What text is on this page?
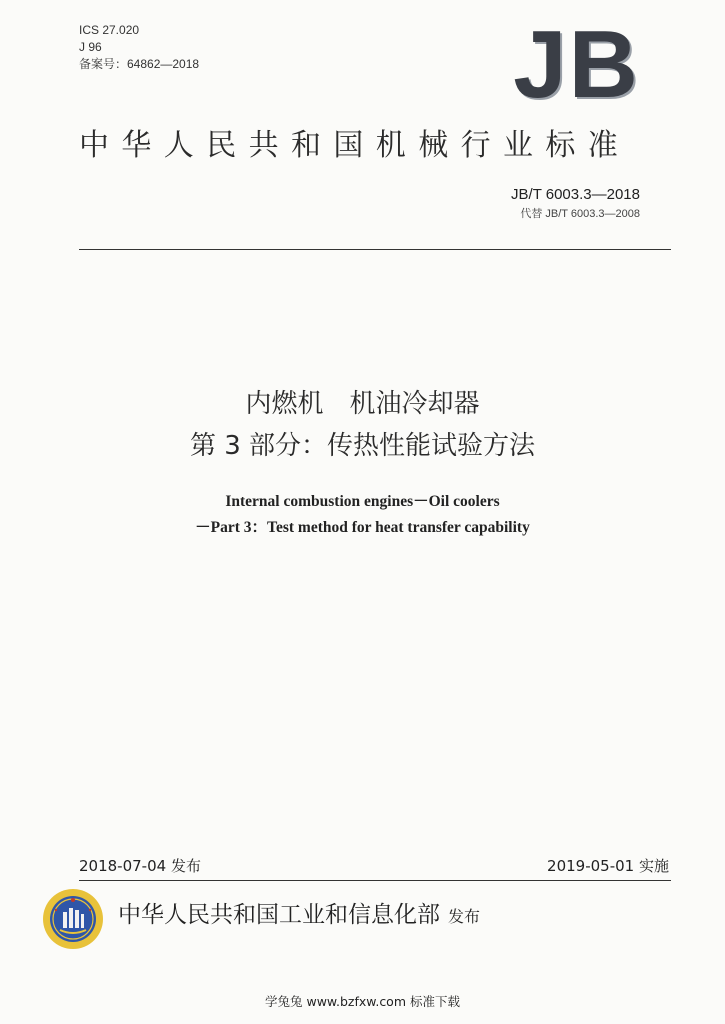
ICS 27.020
J 96
备案号：64862—2018	JB
中华人民共和国机械行业标准
JB/T 6003.3—2018
代替 JB/T 6003.3—2008
内燃机　机油冷却器
第 3 部分：传热性能试验方法
Internal combustion engines－Oil coolers
－Part 3：Test method for heat transfer capability
2018-07-04 发布	2019-05-01 实施
中华人民共和国工业和信息化部 发布
学兔兔 www.bzfxw.com 标准下载
